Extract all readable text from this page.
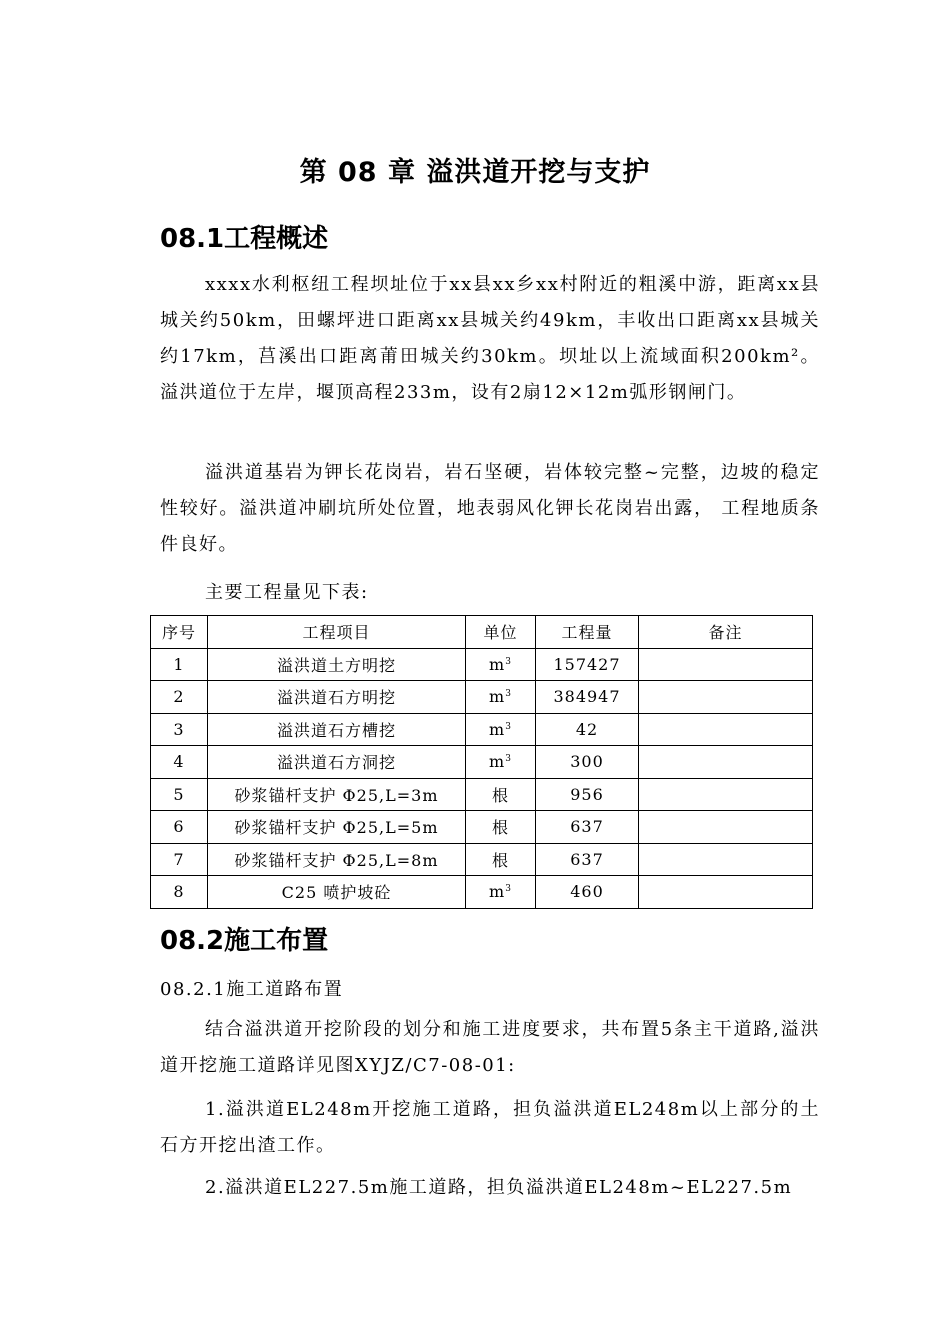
第 08 章 溢洪道开挖与支护
08.1工程概述

xxxx水利枢纽工程坝址位于xx县xx乡xx村附近的粗溪中游，距离xx县城关约50km，田螺坪进口距离xx县城关约49km，丰收出口距离xx县城关约17km，莒溪出口距离莆田城关约30km。坝址以上流域面积200km²。溢洪道位于左岸，堰顶高程233m，设有2扇12×12m弧形钢闸门。

溢洪道基岩为钾长花岗岩，岩石坚硬，岩体较完整~完整，边坡的稳定性较好。溢洪道冲刷坑所处位置，地表弱风化钾长花岗岩出露， 工程地质条件良好。

主要工程量见下表:
序号	工程项目	单位	工程量	备注
1	溢洪道土方明挖	$m^3$	157427	
2	溢洪道石方明挖	$m^3$	384947	
3	溢洪道石方槽挖	$m^3$	42	
4	溢洪道石方洞挖	$m^3$	300	
5	砂浆锚杆支护 Φ25,L=3m	根	956	
6	砂浆锚杆支护 Φ25,L=5m	根	637	
7	砂浆锚杆支护 Φ25,L=8m	根	637	
8	C25 喷护坡砼	$m^3$	460	
08.2施工布置
08.2.1施工道路布置

结合溢洪道开挖阶段的划分和施工进度要求，共布置5条主干道路,溢洪道开挖施工道路详见图XYJZ/C7-08-01:

1.溢洪道EL248m开挖施工道路，担负溢洪道EL248m以上部分的土石方开挖出渣工作。

2.溢洪道EL227.5m施工道路，担负溢洪道EL248m~EL227.5m
